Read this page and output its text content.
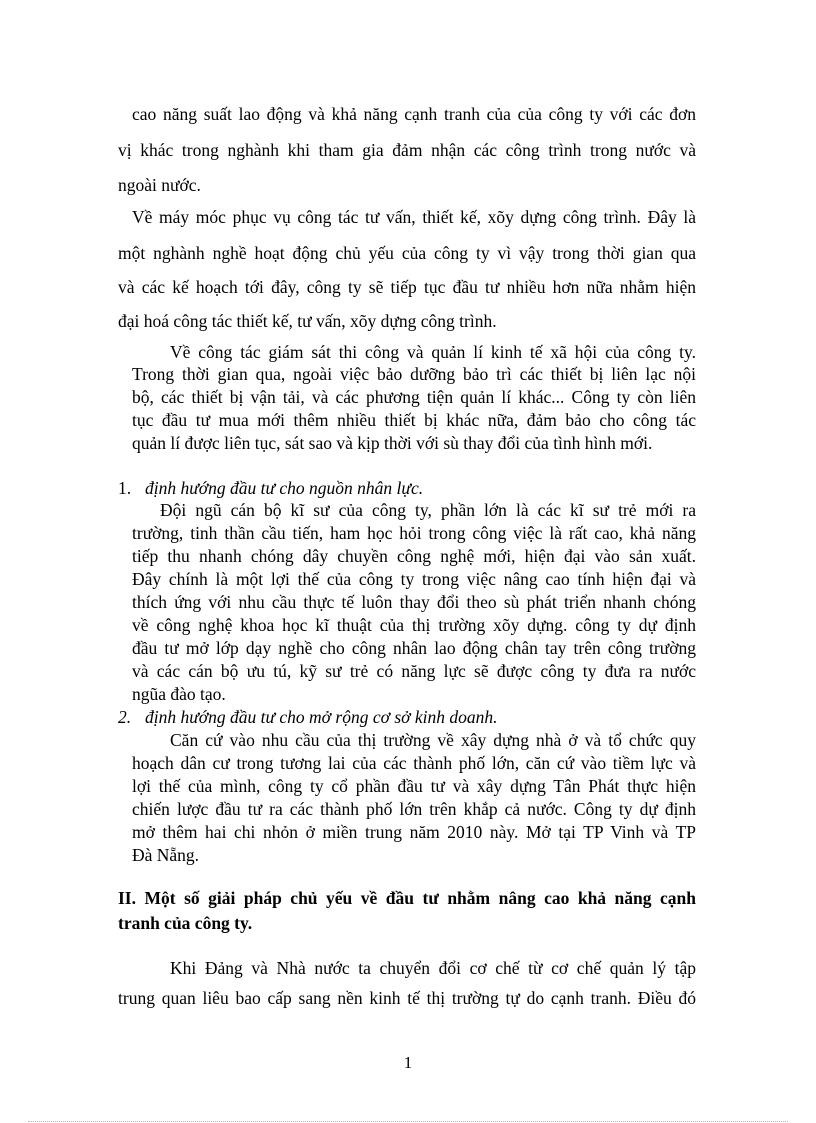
cao năng suất lao động và khả năng cạnh tranh của của công ty với các đơn
vị khác trong nghành khi tham gia đảm nhận các công trình trong nước và
ngoài nước.
Về máy móc phục vụ công tác tư vấn, thiết kế, xõy dựng công trình. Đây là
một nghành nghề hoạt động chủ yếu của công ty vì vậy trong thời gian qua
và các kế hoạch tới đây, công ty sẽ tiếp tục đầu tư nhiều hơn nữa nhằm hiện
đại hoá công tác thiết kế, tư vấn, xõy dựng công trình.
Về công tác giám sát thi công và quản lí kinh tế xã hội của công ty.
Trong thời gian qua, ngoài việc bảo dưỡng bảo trì các thiết bị liên lạc nội
bộ, các thiết bị vận tải, và các phương tiện quản lí khác... Công ty còn liên
tục đầu tư mua mới thêm nhiều thiết bị khác nữa, đảm bảo cho công tác
quản lí được liên tục, sát sao và kịp thời với sù thay đổi của tình hình mới.
1. định hướng đầu tư cho nguồn nhân lực.
Đội ngũ cán bộ kĩ sư của công ty, phần lớn là các kĩ sư trẻ mới ra
trường, tinh thần cầu tiến, ham học hỏi trong công việc là rất cao, khả năng
tiếp thu nhanh chóng dây chuyền công nghệ mới, hiện đại vào sản xuất.
Đây chính là một lợi thế của công ty trong việc nâng cao tính hiện đại và
thích ứng với nhu cầu thực tế luôn thay đổi theo sù phát triển nhanh chóng
về công nghệ khoa học kĩ thuật của thị trường xõy dựng. công ty dự định
đầu tư mở lớp dạy nghề cho công nhân lao động chân tay trên công trường
và các cán bộ ưu tú, kỹ sư trẻ có năng lực sẽ được công ty đưa ra nước
ngũa đào tạo.
2. định hướng đầu tư cho mở rộng cơ sở kinh doanh.
Căn cứ vào nhu cầu của thị trường về xây dựng nhà ở và tổ chức quy
hoạch dân cư trong tương lai của các thành phố lớn, căn cứ vào tiềm lực và
lợi thế của mình, công ty cổ phần đầu tư và xây dựng Tân Phát thực hiện
chiến lược đầu tư ra các thành phố lớn trên khắp cả nước. Công ty dự định
mở thêm hai chi nhỏn ở miền trung năm 2010 này. Mở tại TP Vinh và TP
Đà Nẵng.
II. Một số giải pháp chủ yếu về đầu tư nhằm nâng cao khả năng cạnh
tranh của công ty.
Khi Đảng và Nhà nước ta chuyển đổi cơ chế từ cơ chế quản lý tập
trung quan liêu bao cấp sang nền kinh tế thị trường tự do cạnh tranh. Điều đó
1
